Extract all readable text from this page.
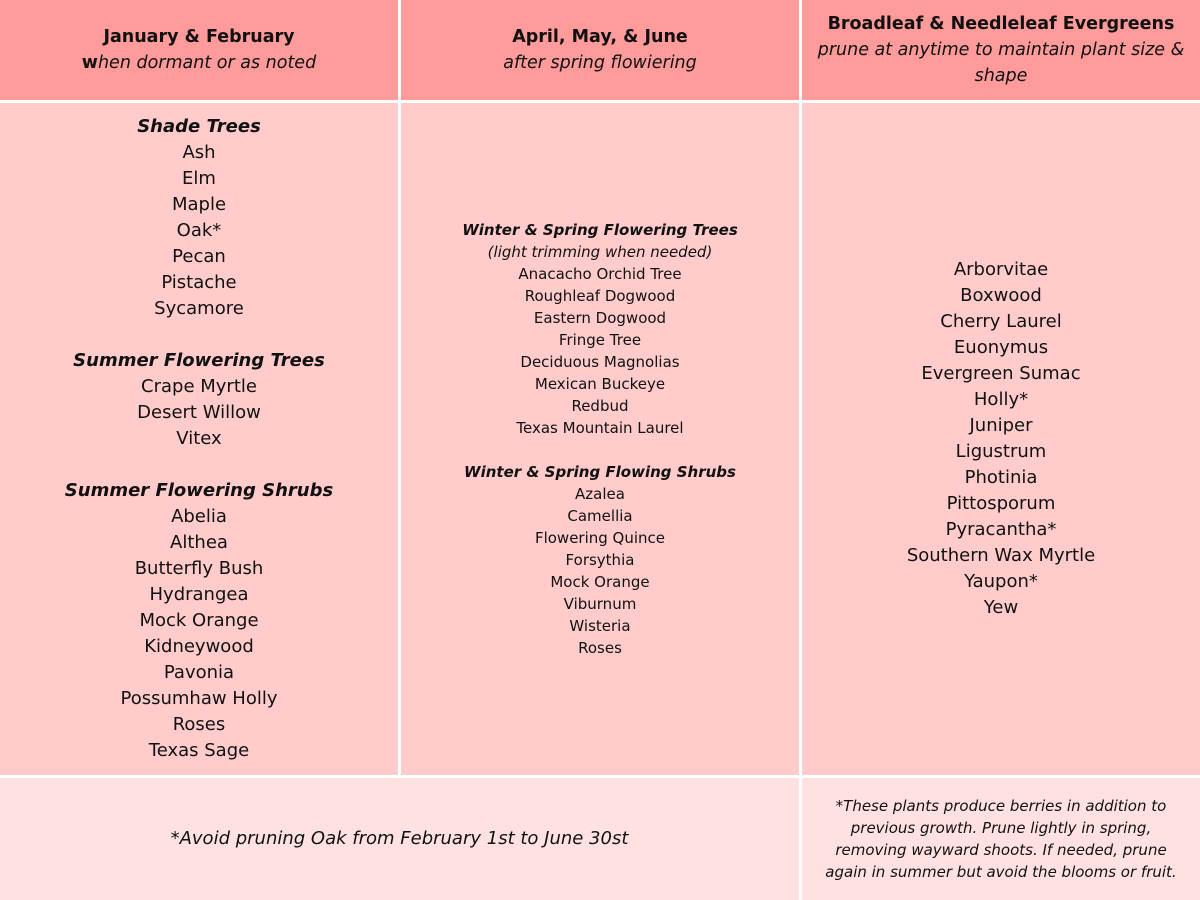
January & February
when dormant or as noted
April, May, & June
after spring flowiering
Broadleaf & Needleleaf Evergreens
prune at anytime to maintain plant size & shape
Shade Trees
Ash
Elm
Maple
Oak*
Pecan
Pistache
Sycamore
Summer Flowering Trees
Crape Myrtle
Desert Willow
Vitex
Summer Flowering Shrubs
Abelia
Althea
Butterfly Bush
Hydrangea
Mock Orange
Kidneywood
Pavonia
Possumhaw Holly
Roses
Texas Sage
Winter & Spring Flowering Trees
(light trimming when needed)
Anacacho Orchid Tree
Roughleaf Dogwood
Eastern Dogwood
Fringe Tree
Deciduous Magnolias
Mexican Buckeye
Redbud
Texas Mountain Laurel
Winter & Spring Flowing Shrubs
Azalea
Camellia
Flowering Quince
Forsythia
Mock Orange
Viburnum
Wisteria
Roses
Arborvitae
Boxwood
Cherry Laurel
Euonymus
Evergreen Sumac
Holly*
Juniper
Ligustrum
Photinia
Pittosporum
Pyracantha*
Southern Wax Myrtle
Yaupon*
Yew
*Avoid pruning Oak from February 1st to June 30st
*These plants produce berries in addition to previous growth. Prune lightly in spring, removing wayward shoots. If needed, prune again in summer but avoid the blooms or fruit.
